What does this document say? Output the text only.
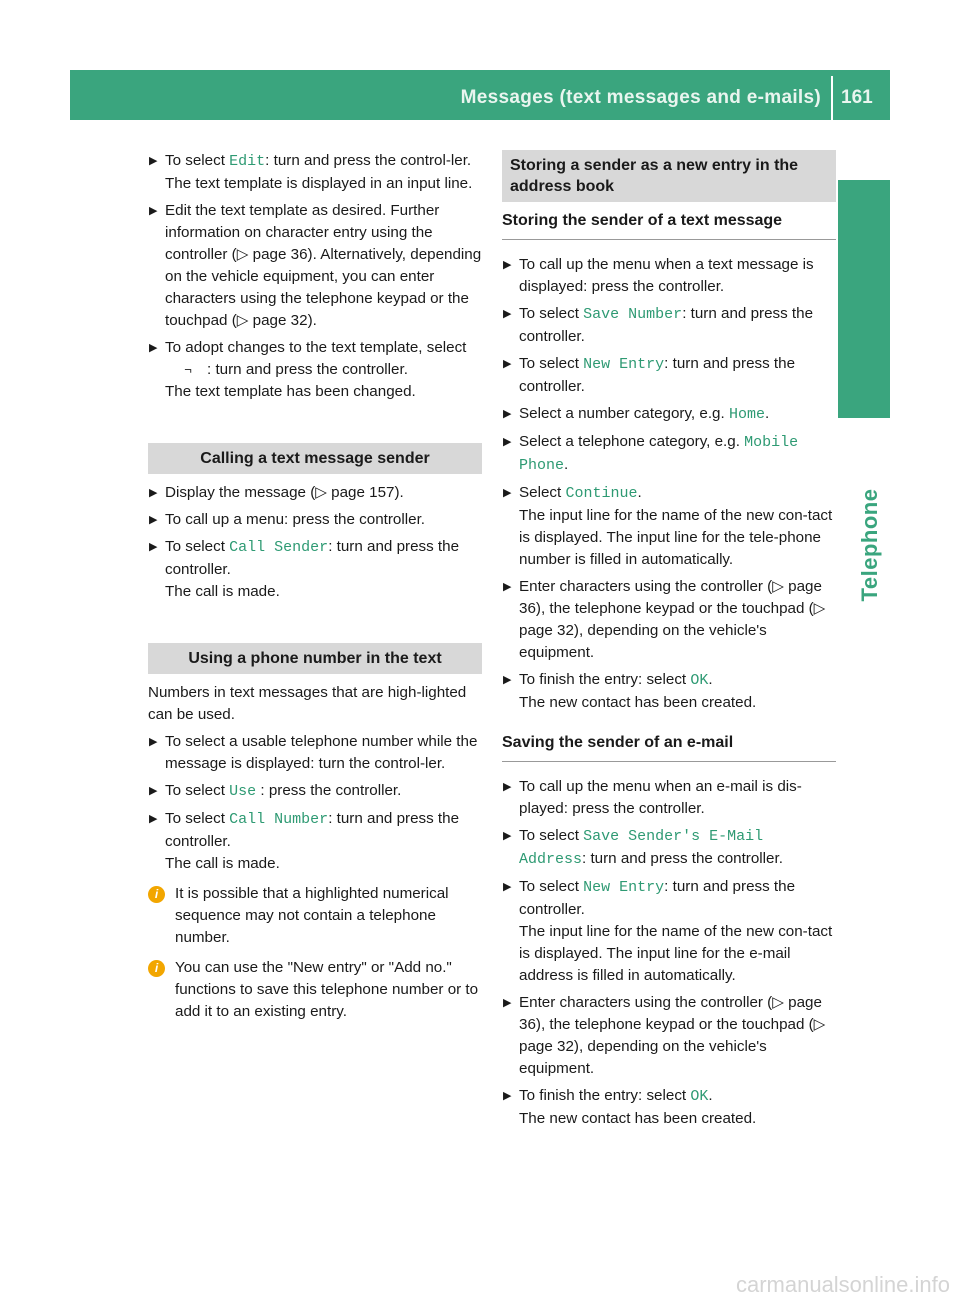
Messages (text messages and e-mails) 161
Telephone
▶ To select Edit: turn and press the control-ler.
The text template is displayed in an input line.
▶ Edit the text template as desired. Further information on character entry using the controller (▷ page 36). Alternatively, depending on the vehicle equipment, you can enter characters using the telephone keypad or the touchpad (▷ page 32).
▶ To adopt changes to the text template, select¬ : turn and press the controller.
The text template has been changed.
Calling a text message sender
▶ Display the message (▷ page 157).
▶ To call up a menu: press the controller.
▶ To select Call Sender: turn and press the controller.
The call is made.
Using a phone number in the text
Numbers in text messages that are high-lighted can be used.
▶ To select a usable telephone number while the message is displayed: turn the control-ler.
▶ To select Use : press the controller.
▶ To select Call Number: turn and press the controller.
The call is made.
i	It is possible that a highlighted numerical sequence may not contain a telephone number.
i	You can use the "New entry" or "Add no." functions to save this telephone number or to add it to an existing entry.
Storing a sender as a new entry in the address book
Storing the sender of a text message
▶ To call up the menu when a text message is displayed: press the controller.
▶ To select Save Number: turn and press the controller.
▶ To select New Entry: turn and press the controller.
▶ Select a number category, e.g. Home.
▶ Select a telephone category, e.g. Mobile Phone.
▶ Select Continue.
The input line for the name of the new con-tact is displayed. The input line for the tele-phone number is filled in automatically.
▶ Enter characters using the controller (▷ page 36), the telephone keypad or the touchpad (▷ page 32), depending on the vehicle's equipment.
▶ To finish the entry: select OK.
The new contact has been created.
Saving the sender of an e-mail
▶ To call up the menu when an e-mail is dis-played: press the controller.
▶ To select Save Sender's E-Mail Address: turn and press the controller.
▶ To select New Entry: turn and press the controller.
The input line for the name of the new con-tact is displayed. The input line for the e-mail address is filled in automatically.
▶ Enter characters using the controller (▷ page 36), the telephone keypad or the touchpad (▷ page 32), depending on the vehicle's equipment.
▶ To finish the entry: select OK.
The new contact has been created.
carmanualsonline.info
